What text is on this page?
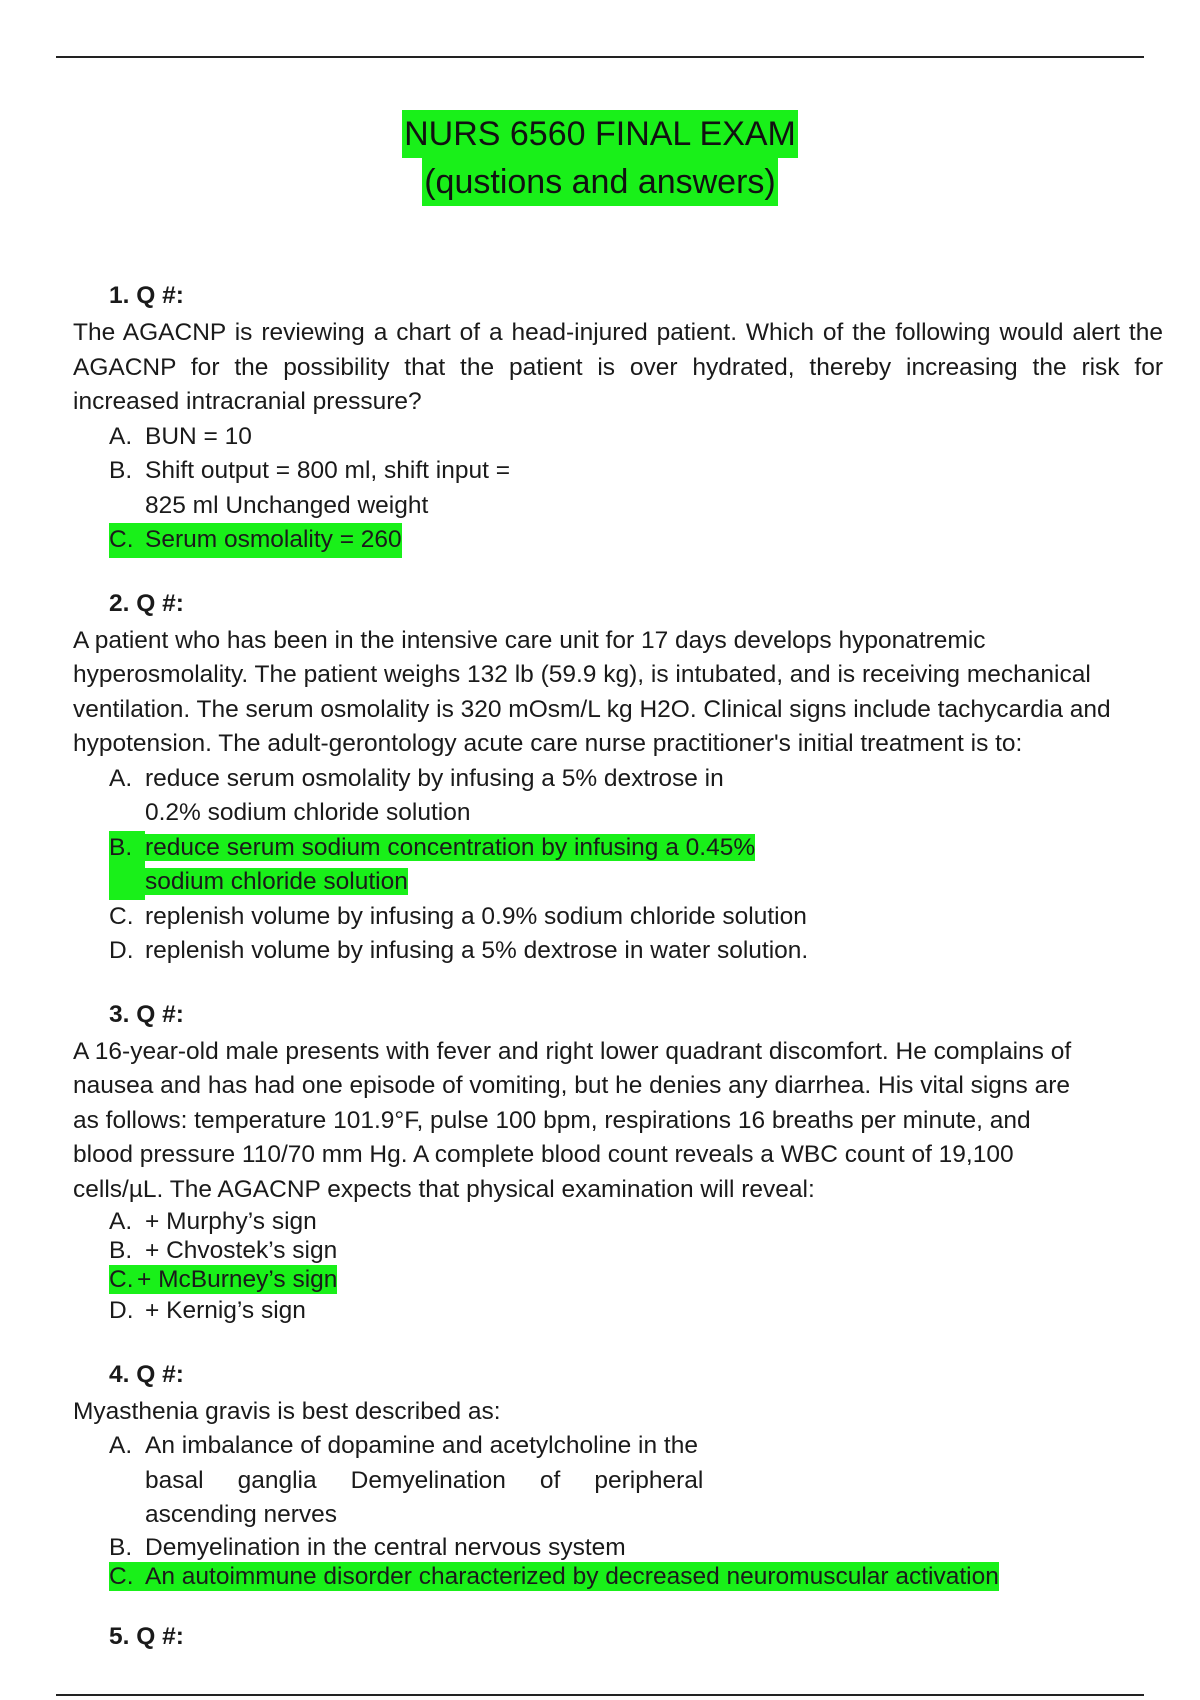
NURS 6560 FINAL EXAM
(qustions and answers)
1. Q #:
The AGACNP is reviewing a chart of a head-injured patient. Which of the following would alert the AGACNP for the possibility that the patient is over hydrated, thereby increasing the risk for increased intracranial pressure?
A. BUN = 10
B. Shift output = 800 ml, shift input =
825 ml Unchanged weight
C. Serum osmolality = 260
2. Q #:
A patient who has been in the intensive care unit for 17 days develops hyponatremic hyperosmolality. The patient weighs 132 lb (59.9 kg), is intubated, and is receiving mechanical ventilation. The serum osmolality is 320 mOsm/L kg H2O. Clinical signs include tachycardia and hypotension. The adult-gerontology acute care nurse practitioner's initial treatment is to:
A. reduce serum osmolality by infusing a 5% dextrose in
0.2% sodium chloride solution
B. reduce serum sodium concentration by infusing a 0.45%
sodium chloride solution
C. replenish volume by infusing a 0.9% sodium chloride solution
D. replenish volume by infusing a 5% dextrose in water solution.
3. Q #:
A 16-year-old male presents with fever and right lower quadrant discomfort. He complains of
nausea and has had one episode of vomiting, but he denies any diarrhea. His vital signs are
as follows: temperature 101.9°F, pulse 100 bpm, respirations 16 breaths per minute, and
blood pressure 110/70 mm Hg. A complete blood count reveals a WBC count of 19,100
cells/µL. The AGACNP expects that physical examination will reveal:
A. + Murphy’s sign
B. + Chvostek’s sign
C. + McBurney’s sign
D. + Kernig’s sign
4. Q #:
Myasthenia gravis is best described as:
A. An imbalance of dopamine and acetylcholine in the
basal     ganglia     Demyelination     of     peripheral
ascending nerves
B. Demyelination in the central nervous system
C. An autoimmune disorder characterized by decreased neuromuscular activation
5. Q #:
